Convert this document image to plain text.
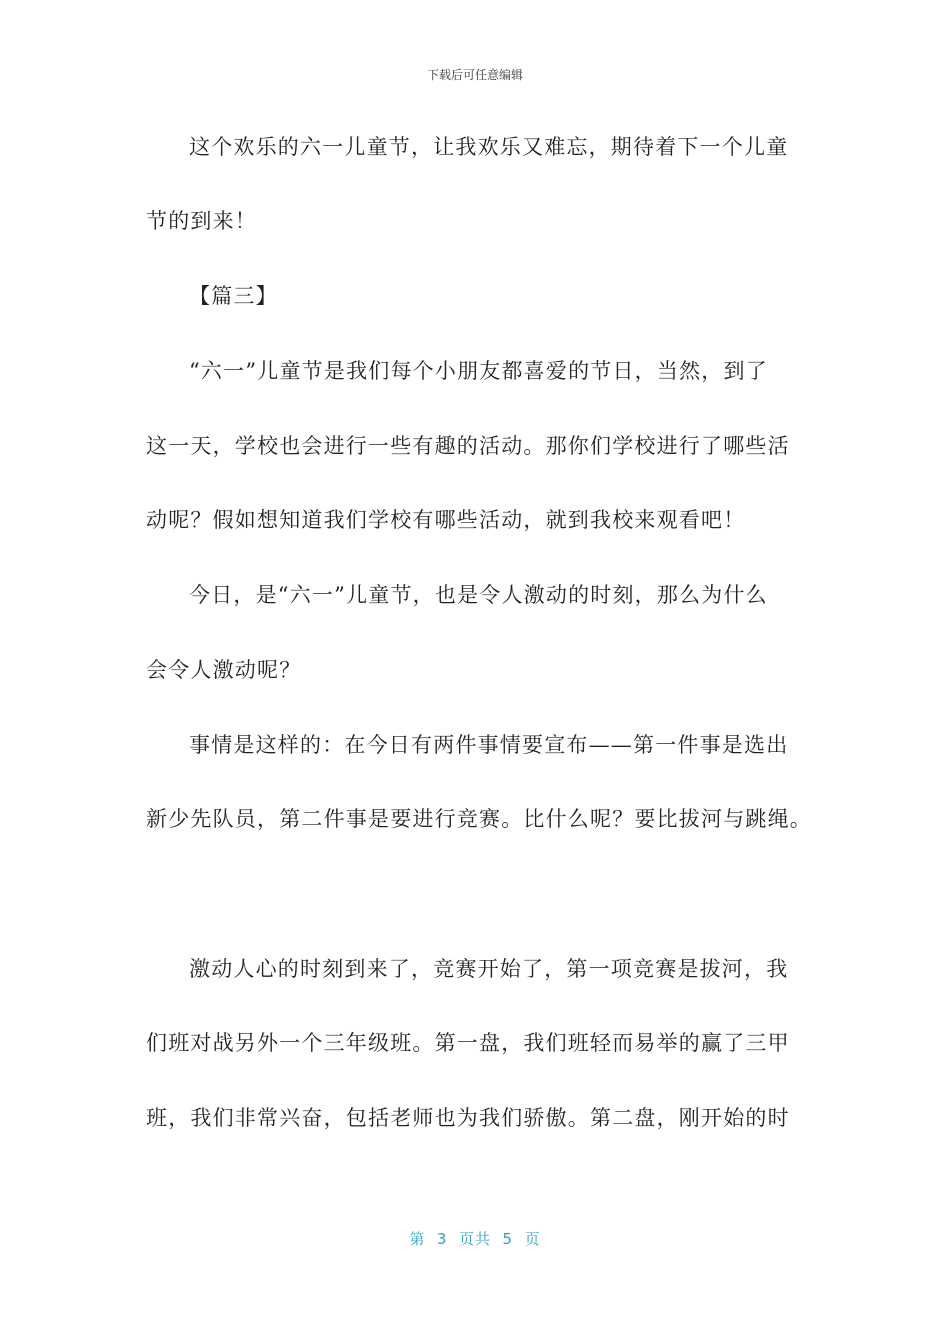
下载后可任意编辑
这个欢乐的六一儿童节，让我欢乐又难忘，期待着下一个儿童
节的到来！
【篇三】
“六一”儿童节是我们每个小朋友都喜爱的节日，当然，到了
这一天，学校也会进行一些有趣的活动。那你们学校进行了哪些活
动呢？假如想知道我们学校有哪些活动，就到我校来观看吧！
今日，是“六一”儿童节，也是令人激动的时刻，那么为什么
会令人激动呢？
事情是这样的：在今日有两件事情要宣布——第一件事是选出
新少先队员，第二件事是要进行竞赛。比什么呢？要比拔河与跳绳。
激动人心的时刻到来了，竞赛开始了，第一项竞赛是拔河，我
们班对战另外一个三年级班。第一盘，我们班轻而易举的赢了三甲
班，我们非常兴奋，包括老师也为我们骄傲。第二盘，刚开始的时
第  3  页共  5  页
